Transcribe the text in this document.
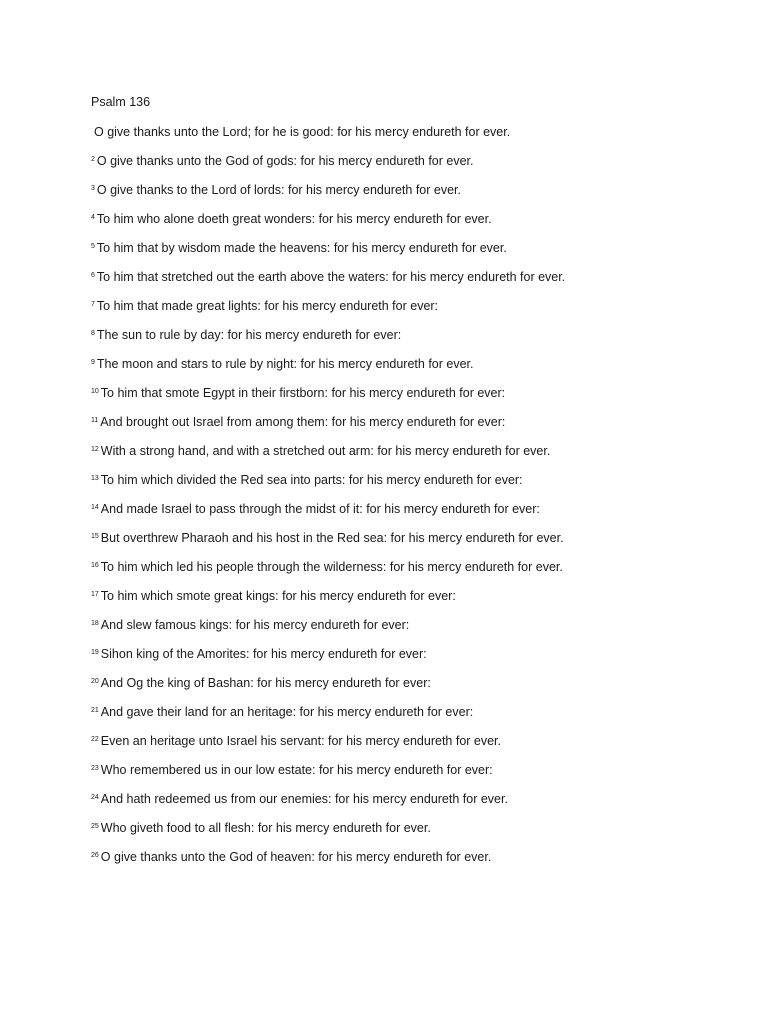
Psalm 136
O give thanks unto the Lord; for he is good: for his mercy endureth for ever.
$^2$ O give thanks unto the God of gods: for his mercy endureth for ever.
$^3$ O give thanks to the Lord of lords: for his mercy endureth for ever.
$^4$ To him who alone doeth great wonders: for his mercy endureth for ever.
$^5$ To him that by wisdom made the heavens: for his mercy endureth for ever.
$^6$ To him that stretched out the earth above the waters: for his mercy endureth for ever.
$^7$ To him that made great lights: for his mercy endureth for ever:
$^8$ The sun to rule by day: for his mercy endureth for ever:
$^9$ The moon and stars to rule by night: for his mercy endureth for ever.
$^{10}$ To him that smote Egypt in their firstborn: for his mercy endureth for ever:
$^{11}$ And brought out Israel from among them: for his mercy endureth for ever:
$^{12}$ With a strong hand, and with a stretched out arm: for his mercy endureth for ever.
$^{13}$ To him which divided the Red sea into parts: for his mercy endureth for ever:
$^{14}$ And made Israel to pass through the midst of it: for his mercy endureth for ever:
$^{15}$ But overthrew Pharaoh and his host in the Red sea: for his mercy endureth for ever.
$^{16}$ To him which led his people through the wilderness: for his mercy endureth for ever.
$^{17}$ To him which smote great kings: for his mercy endureth for ever:
$^{18}$ And slew famous kings: for his mercy endureth for ever:
$^{19}$ Sihon king of the Amorites: for his mercy endureth for ever:
$^{20}$ And Og the king of Bashan: for his mercy endureth for ever:
$^{21}$ And gave their land for an heritage: for his mercy endureth for ever:
$^{22}$ Even an heritage unto Israel his servant: for his mercy endureth for ever.
$^{23}$ Who remembered us in our low estate: for his mercy endureth for ever:
$^{24}$ And hath redeemed us from our enemies: for his mercy endureth for ever.
$^{25}$ Who giveth food to all flesh: for his mercy endureth for ever.
$^{26}$ O give thanks unto the God of heaven: for his mercy endureth for ever.
